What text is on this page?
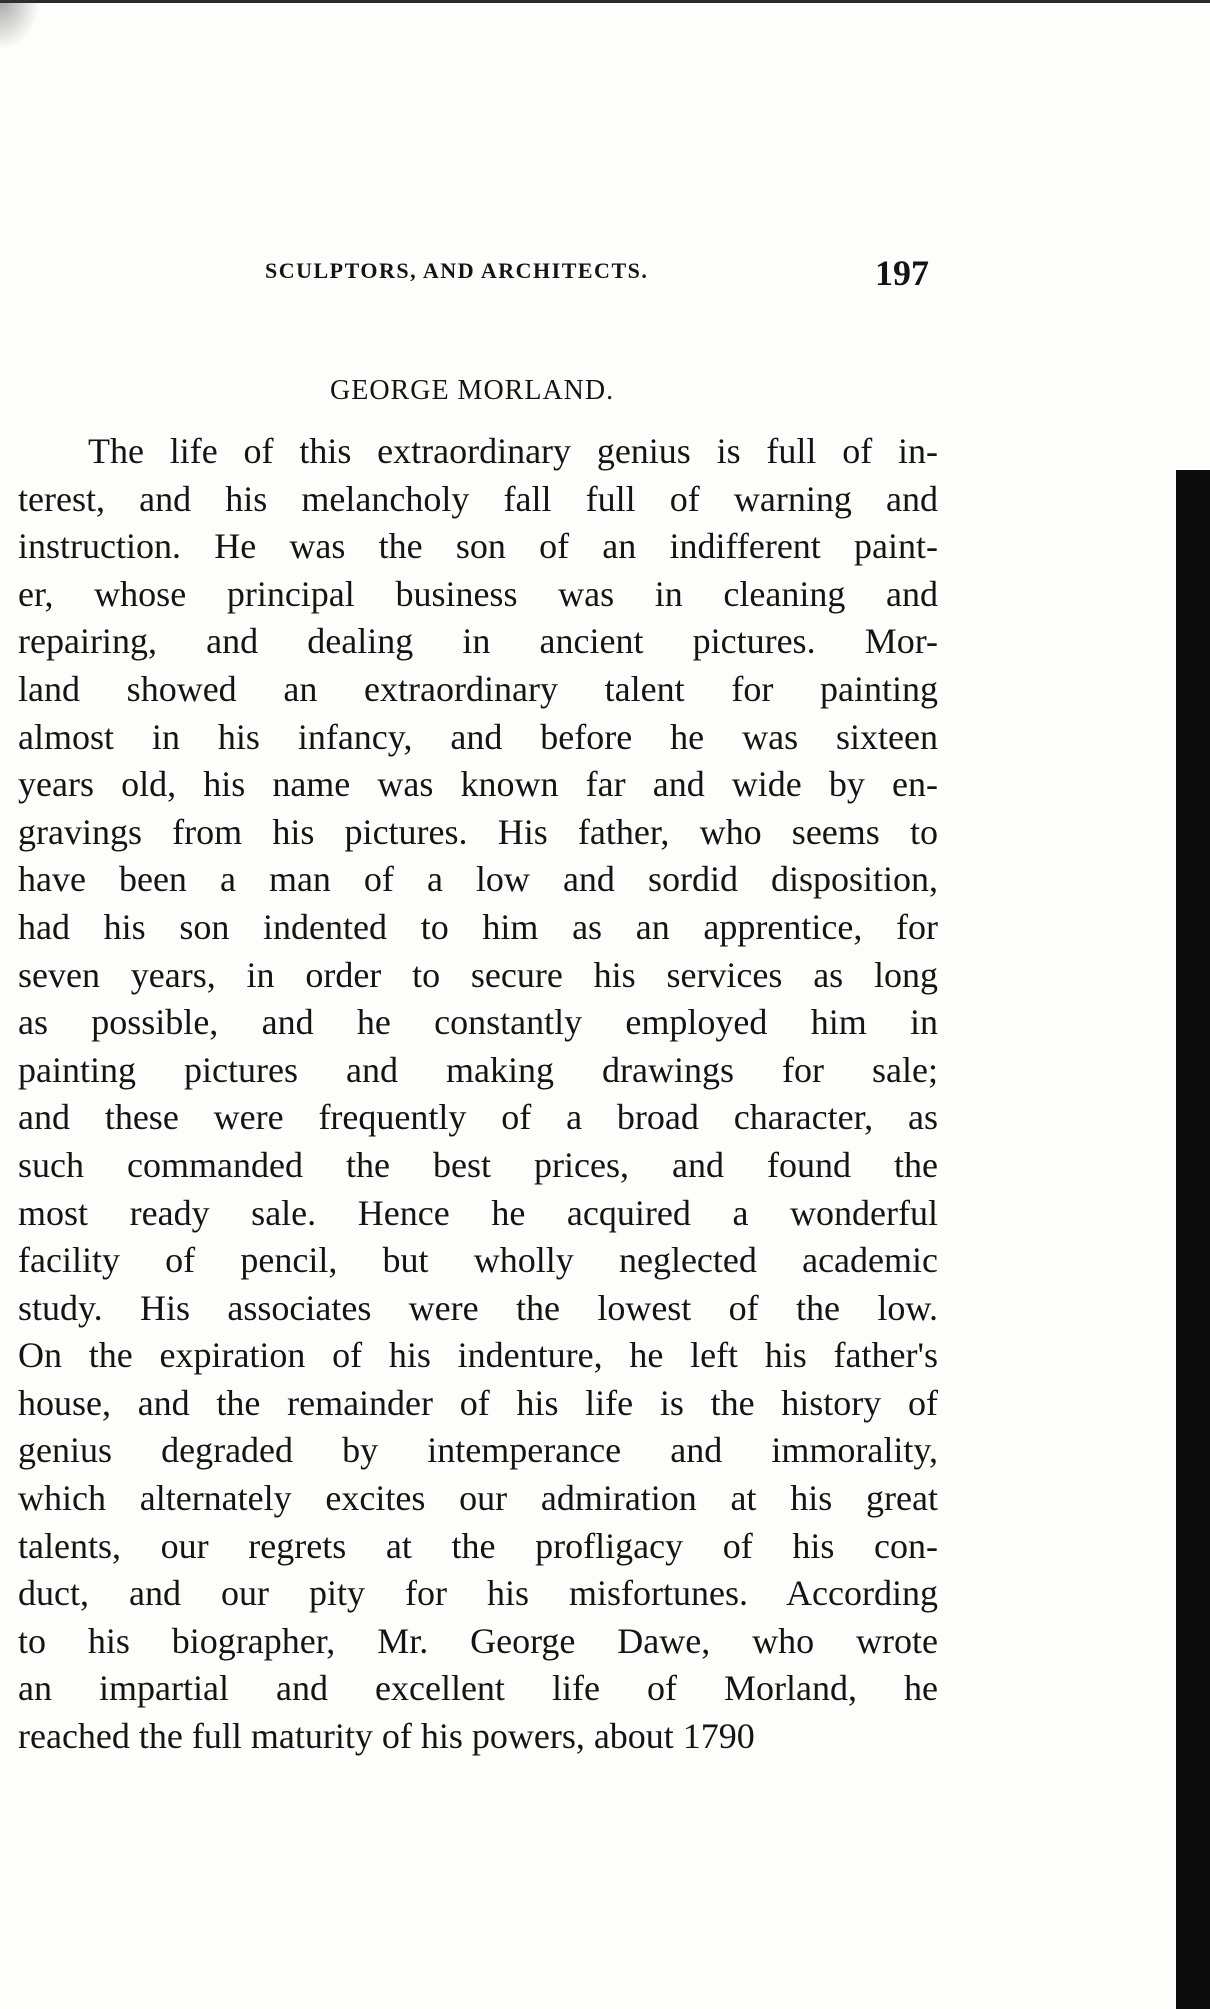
SCULPTORS, AND ARCHITECTS.	197
GEORGE MORLAND.
The life of this extraordinary genius is full of in-
terest, and his melancholy fall full of warning and
instruction. He was the son of an indifferent paint-
er, whose principal business was in cleaning and
repairing, and dealing in ancient pictures. Mor-
land showed an extraordinary talent for painting
almost in his infancy, and before he was sixteen
years old, his name was known far and wide by en-
gravings from his pictures. His father, who seems to
have been a man of a low and sordid disposition,
had his son indented to him as an apprentice, for
seven years, in order to secure his services as long
as possible, and he constantly employed him in
painting pictures and making drawings for sale;
and these were frequently of a broad character, as
such commanded the best prices, and found the
most ready sale. Hence he acquired a wonderful
facility of pencil, but wholly neglected academic
study. His associates were the lowest of the low.
On the expiration of his indenture, he left his father's
house, and the remainder of his life is the history of
genius degraded by intemperance and immorality,
which alternately excites our admiration at his great
talents, our regrets at the profligacy of his con-
duct, and our pity for his misfortunes. According
to his biographer, Mr. George Dawe, who wrote
an impartial and excellent life of Morland, he
reached the full maturity of his powers, about 1790
